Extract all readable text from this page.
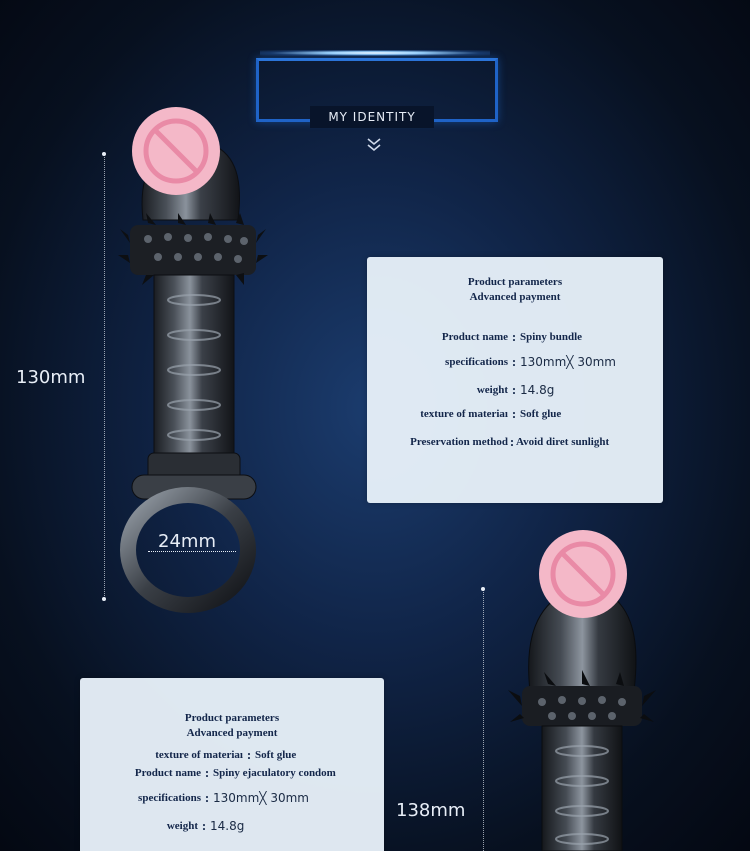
MY IDENTITY
130mm
24mm
Product parameters
Advanced payment
Product name : Spiny bundle
specifications : 130mm╳ 30mm
weight : 14.8g
texture of materiaı : Soft glue
Preservation method : Avoid diret sunlight
138mm
Product parameters
Advanced payment
texture of materiaı : Soft glue
Product name : Spiny ejaculatory condom
specifications : 130mm╳ 30mm
weight : 14.8g
